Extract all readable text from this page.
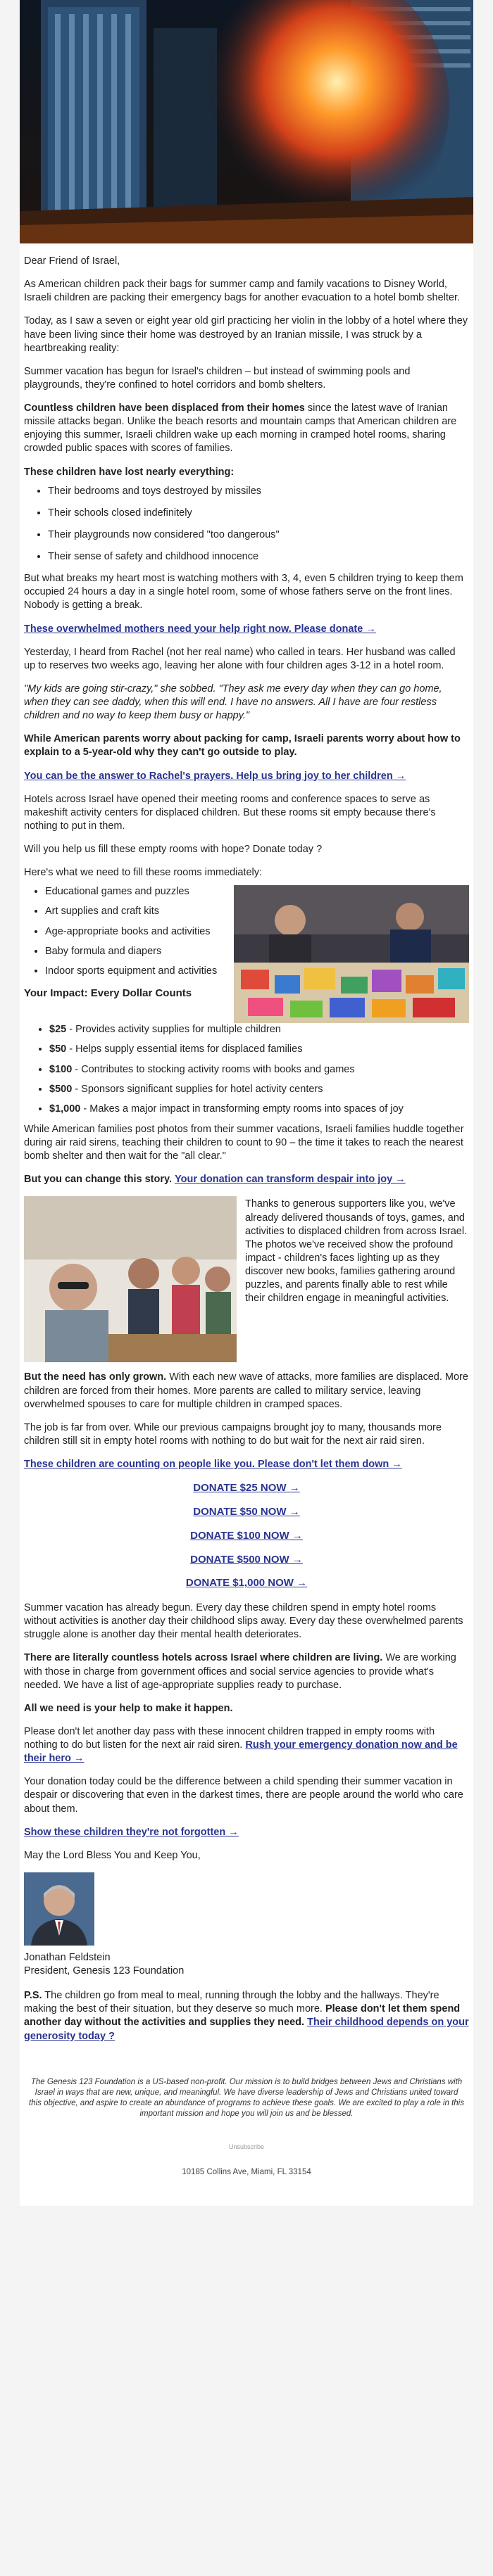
Dear Friend of Israel,

As American children pack their bags for summer camp and family vacations to Disney World, Israeli children are packing their emergency bags for another evacuation to a hotel bomb shelter.

Today, as I saw a seven or eight year old girl practicing her violin in the lobby of a hotel where they have been living since their home was destroyed by an Iranian missile, I was struck by a heartbreaking reality:

Summer vacation has begun for Israel's children – but instead of swimming pools and playgrounds, they're confined to hotel corridors and bomb shelters.

Countless children have been displaced from their homes since the latest wave of Iranian missile attacks began. Unlike the beach resorts and mountain camps that American children are enjoying this summer, Israeli children wake up each morning in cramped hotel rooms, sharing crowded public spaces with scores of families.

These children have lost nearly everything:

• Their bedrooms and toys destroyed by missiles
• Their schools closed indefinitely
• Their playgrounds now considered "too dangerous"
• Their sense of safety and childhood innocence

But what breaks my heart most is watching mothers with 3, 4, even 5 children trying to keep them occupied 24 hours a day in a single hotel room, some of whose fathers serve on the front lines. Nobody is getting a break.

These overwhelmed mothers need your help right now. Please donate →

Yesterday, I heard from Rachel (not her real name) who called in tears. Her husband was called up to reserves two weeks ago, leaving her alone with four children ages 3-12 in a hotel room.

"My kids are going stir-crazy," she sobbed. "They ask me every day when they can go home, when they can see daddy, when this will end. I have no answers. All I have are four restless children and no way to keep them busy or happy."

While American parents worry about packing for camp, Israeli parents worry about how to explain to a 5-year-old why they can't go outside to play.

You can be the answer to Rachel's prayers. Help us bring joy to her children →

Hotels across Israel have opened their meeting rooms and conference spaces to serve as makeshift activity centers for displaced children. But these rooms sit empty because there's nothing to put in them.

Will you help us fill these empty rooms with hope? Donate today ?

Here's what we need to fill these rooms immediately:

• Educational games and puzzles
• Art supplies and craft kits
• Age-appropriate books and activities
• Baby formula and diapers
• Indoor sports equipment and activities

Your Impact: Every Dollar Counts

• $25 - Provides activity supplies for multiple children
• $50 - Helps supply essential items for displaced families
• $100 - Contributes to stocking activity rooms with books and games
• $500 - Sponsors significant supplies for hotel activity centers
• $1,000 - Makes a major impact in transforming empty rooms into spaces of joy

While American families post photos from their summer vacations, Israeli families huddle together during air raid sirens, teaching their children to count to 90 – the time it takes to reach the nearest bomb shelter and then wait for the "all clear."

But you can change this story. Your donation can transform despair into joy →

Thanks to generous supporters like you, we've already delivered thousands of toys, games, and activities to displaced children from across Israel. The photos we've received show the profound impact - children's faces lighting up as they discover new books, families gathering around puzzles, and parents finally able to rest while their children engage in meaningful activities.

But the need has only grown. With each new wave of attacks, more families are displaced. More children are forced from their homes. More parents are called to military service, leaving overwhelmed spouses to care for multiple children in cramped spaces.

The job is far from over. While our previous campaigns brought joy to many, thousands more children still sit in empty hotel rooms with nothing to do but wait for the next air raid siren.

These children are counting on people like you. Please don't let them down →

DONATE $25 NOW →
DONATE $50 NOW →
DONATE $100 NOW →
DONATE $500 NOW →
DONATE $1,000 NOW →

Summer vacation has already begun. Every day these children spend in empty hotel rooms without activities is another day their childhood slips away. Every day these overwhelmed parents struggle alone is another day their mental health deteriorates.

There are literally countless hotels across Israel where children are living. We are working with those in charge from government offices and social service agencies to provide what's needed. We have a list of age-appropriate supplies ready to purchase.

All we need is your help to make it happen.

Please don't let another day pass with these innocent children trapped in empty rooms with nothing to do but listen for the next air raid siren. Rush your emergency donation now and be their hero →

Your donation today could be the difference between a child spending their summer vacation in despair or discovering that even in the darkest times, there are people around the world who care about them.

Show these children they're not forgotten →

May the Lord Bless You and Keep You,

Jonathan Feldstein
President, Genesis 123 Foundation

P.S. The children go from meal to meal, running through the lobby and the hallways. They're making the best of their situation, but they deserve so much more. Please don't let them spend another day without the activities and supplies they need. Their childhood depends on your generosity today ?

The Genesis 123 Foundation is a US-based non-profit. Our mission is to build bridges between Jews and Christians with Israel in ways that are new, unique, and meaningful. We have diverse leadership of Jews and Christians united toward this objective, and aspire to create an abundance of programs to achieve these goals. We are excited to play a role in this important mission and hope you will join us and be blessed.
Unsubscribe
10185 Collins Ave, Miami, FL 33154
